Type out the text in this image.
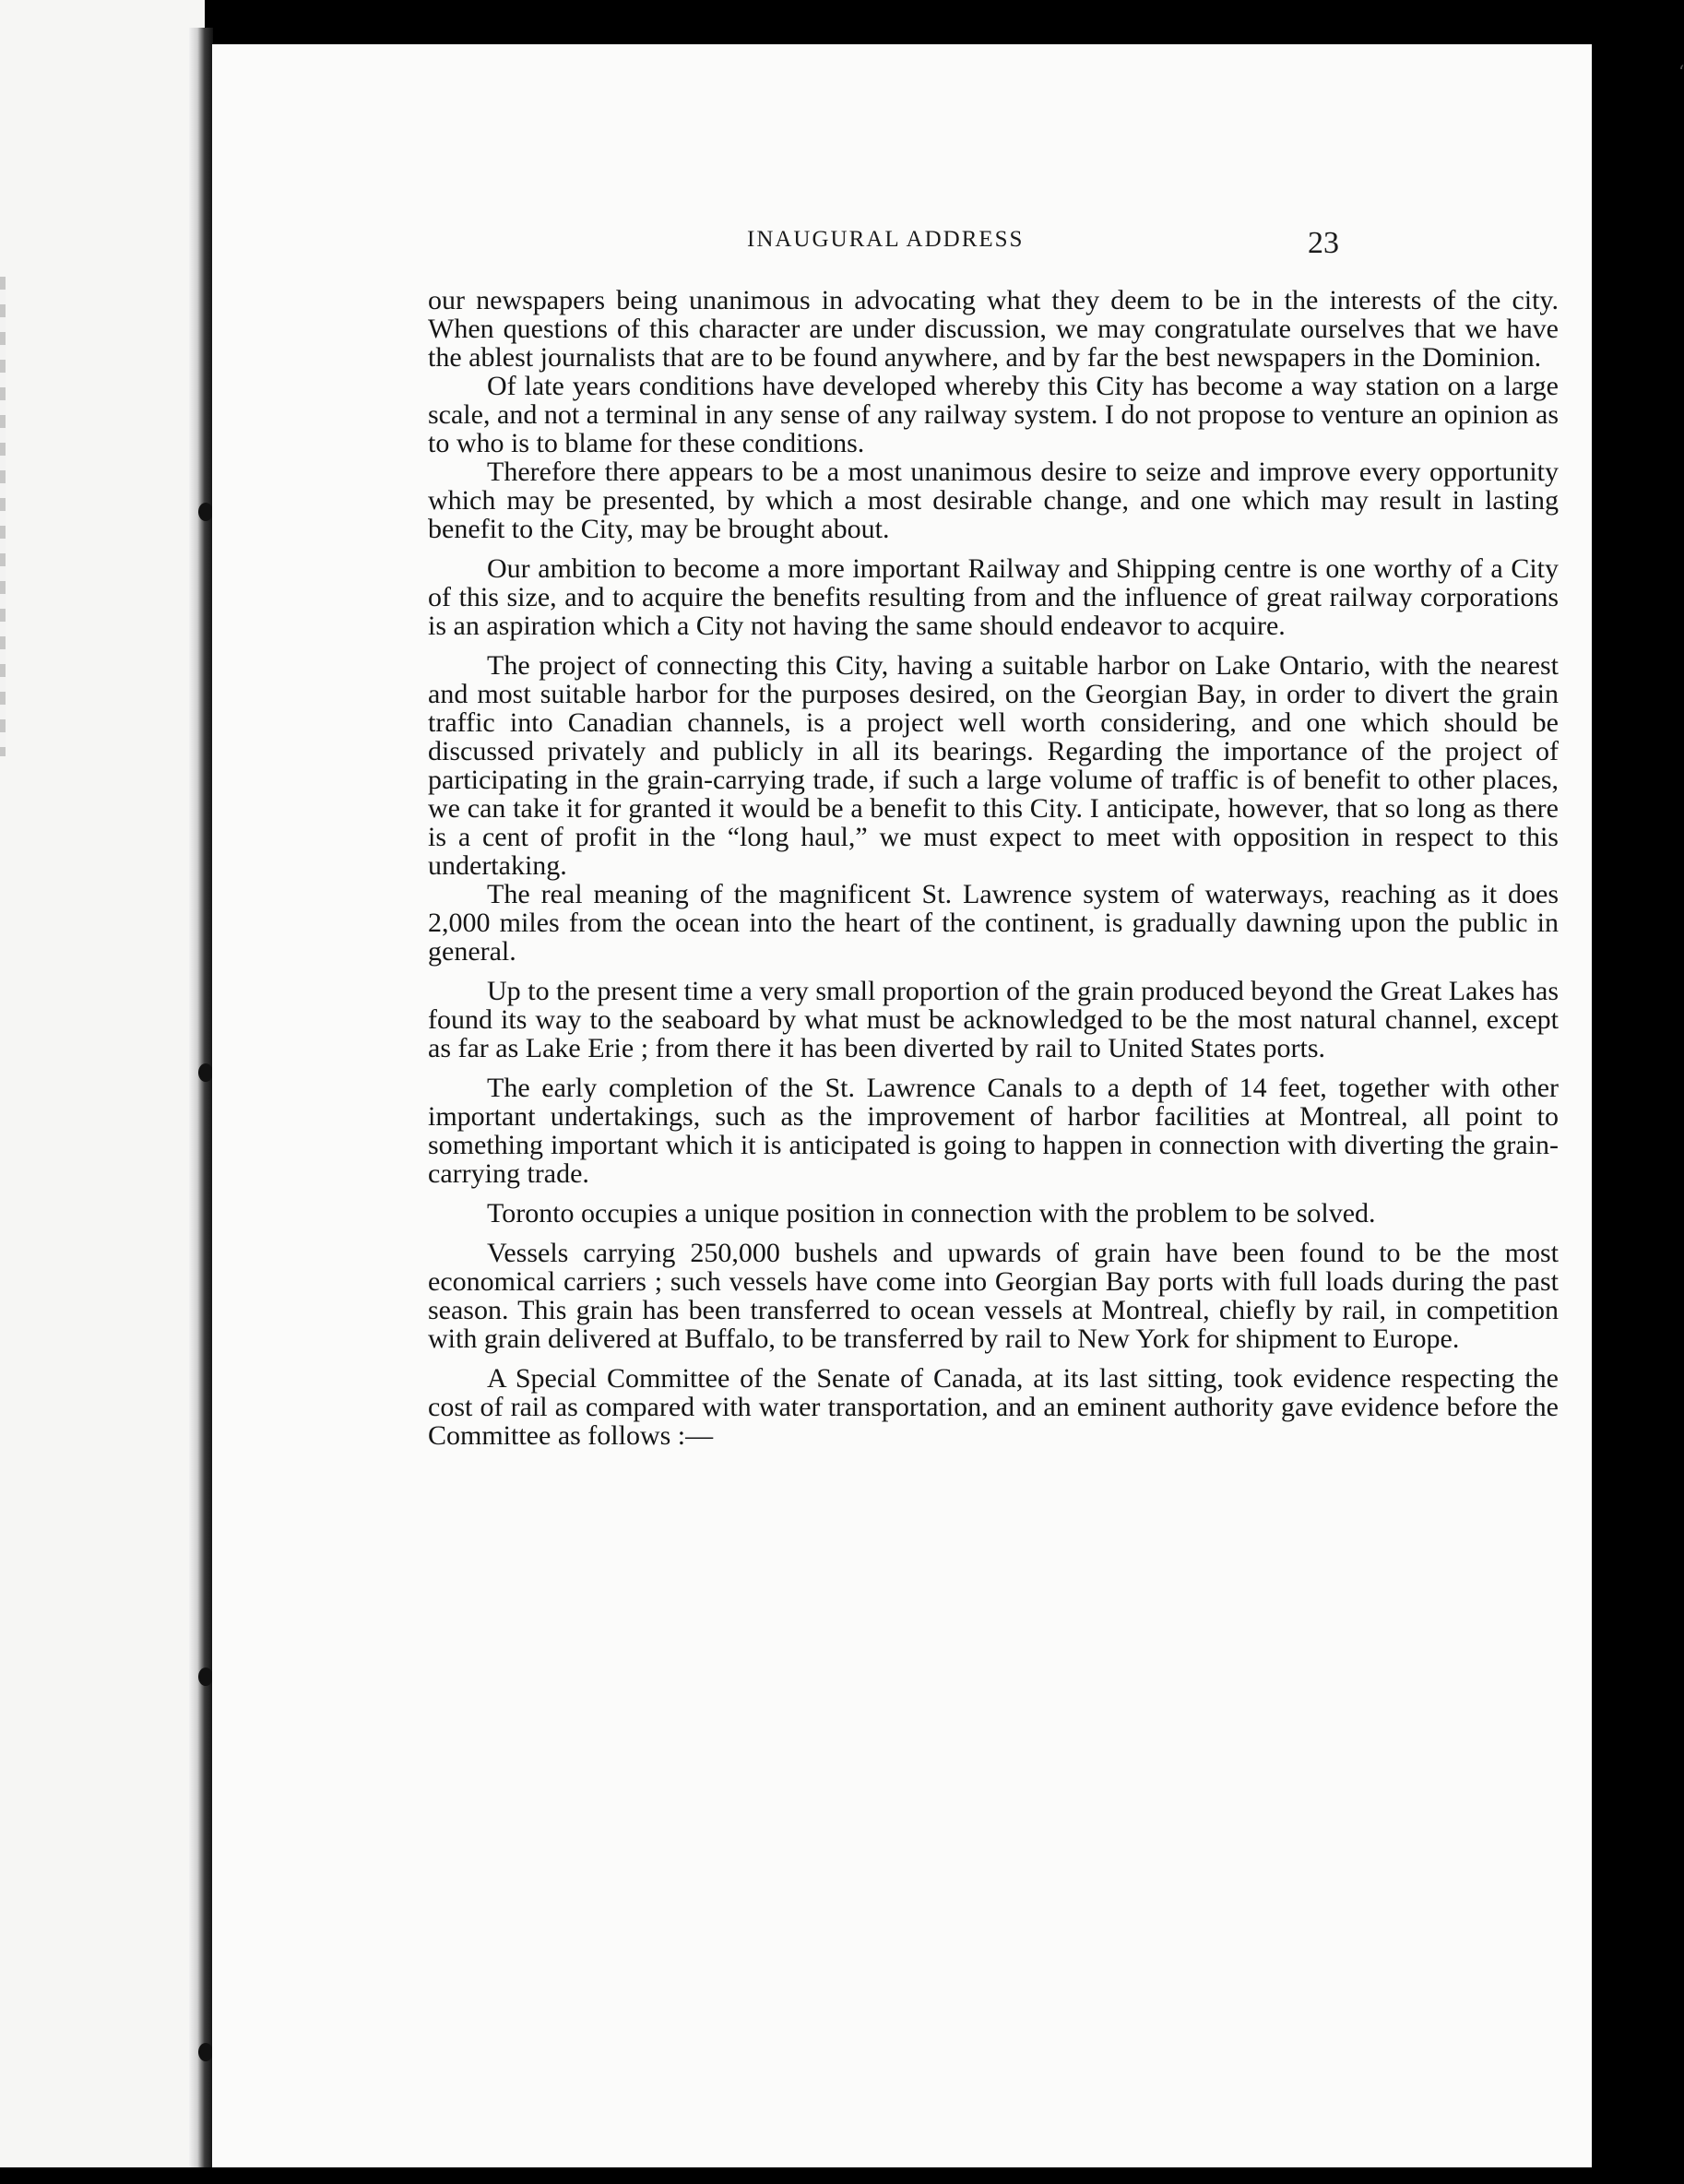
ʻ
INAUGURAL ADDRESS	23

our newspapers being unanimous in advocating what they deem to be in the interests of the city. When questions of this character are under discussion, we may congratulate ourselves that we have the ablest journalists that are to be found anywhere, and by far the best newspapers in the Dominion.

Of late years conditions have developed whereby this City has become a way station on a large scale, and not a terminal in any sense of any railway system. I do not propose to venture an opinion as to who is to blame for these conditions.

Therefore there appears to be a most unanimous desire to seize and improve every opportunity which may be presented, by which a most desirable change, and one which may result in lasting benefit to the City, may be brought about.

Our ambition to become a more important Railway and Shipping centre is one worthy of a City of this size, and to acquire the benefits resulting from and the influence of great railway corporations is an aspiration which a City not having the same should endeavor to acquire.

The project of connecting this City, having a suitable harbor on Lake Ontario, with the nearest and most suitable harbor for the purposes desired, on the Georgian Bay, in order to divert the grain traffic into Canadian channels, is a project well worth considering, and one which should be discussed privately and publicly in all its bearings. Regarding the importance of the project of participating in the grain-carrying trade, if such a large volume of traffic is of benefit to other places, we can take it for granted it would be a benefit to this City. I anticipate, however, that so long as there is a cent of profit in the “long haul,” we must expect to meet with opposition in respect to this undertaking.

The real meaning of the magnificent St. Lawrence system of waterways, reaching as it does 2,000 miles from the ocean into the heart of the continent, is gradually dawning upon the public in general.

Up to the present time a very small proportion of the grain produced beyond the Great Lakes has found its way to the seaboard by what must be acknowledged to be the most natural channel, except as far as Lake Erie ; from there it has been diverted by rail to United States ports.

The early completion of the St. Lawrence Canals to a depth of 14 feet, together with other important undertakings, such as the improvement of harbor facilities at Montreal, all point to something important which it is anticipated is going to happen in connection with diverting the grain-carrying trade.

Toronto occupies a unique position in connection with the problem to be solved.

Vessels carrying 250,000 bushels and upwards of grain have been found to be the most economical carriers ; such vessels have come into Georgian Bay ports with full loads during the past season. This grain has been transferred to ocean vessels at Montreal, chiefly by rail, in competition with grain delivered at Buffalo, to be transferred by rail to New York for shipment to Europe.

A Special Committee of the Senate of Canada, at its last sitting, took evidence respecting the cost of rail as compared with water transportation, and an eminent authority gave evidence before the Committee as follows :—
